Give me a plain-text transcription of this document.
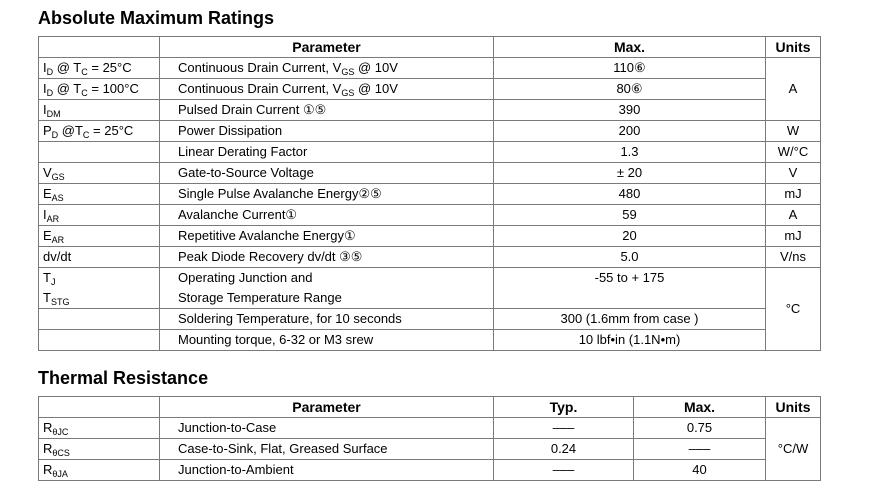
Absolute Maximum Ratings
	Parameter	Max.	Units
$I_D$ @ $T_C = 25^\circ C$	Continuous Drain Current, $V_{GS}$ @ 10V	110⑥	A
$I_D$ @ $T_C = 100^\circ C$	Continuous Drain Current, $V_{GS}$ @ 10V	80⑥	
$I_{DM}$	Pulsed Drain Current ①⑤	390	
$P_D$ $@T_C = 25^\circ C$	Power Dissipation	200	W
	Linear Derating Factor	1.3	W/°C
$V_{GS}$	Gate-to-Source Voltage	± 20	V
$E_{AS}$	Single Pulse Avalanche Energy②⑤	480	mJ
$I_{AR}$	Avalanche Current①	59	A
$E_{AR}$	Repetitive Avalanche Energy①	20	mJ
dv/dt	Peak Diode Recovery dv/dt ③⑤	5.0	V/ns
$T_J$	Operating Junction and	-55 to + 175	°C
$T_{STG}$	Storage Temperature Range		
	Soldering Temperature, for 10 seconds	300 (1.6mm from case )	
	Mounting torque, 6-32 or M3 srew	10 lbf•in (1.1N•m)	
Thermal Resistance
	Parameter	Typ.	Max.	Units
$R_{\theta JC}$	Junction-to-Case	–––	0.75	°C/W
$R_{\theta CS}$	Case-to-Sink, Flat, Greased Surface	0.24	–––	
$R_{\theta JA}$	Junction-to-Ambient	–––	40	
